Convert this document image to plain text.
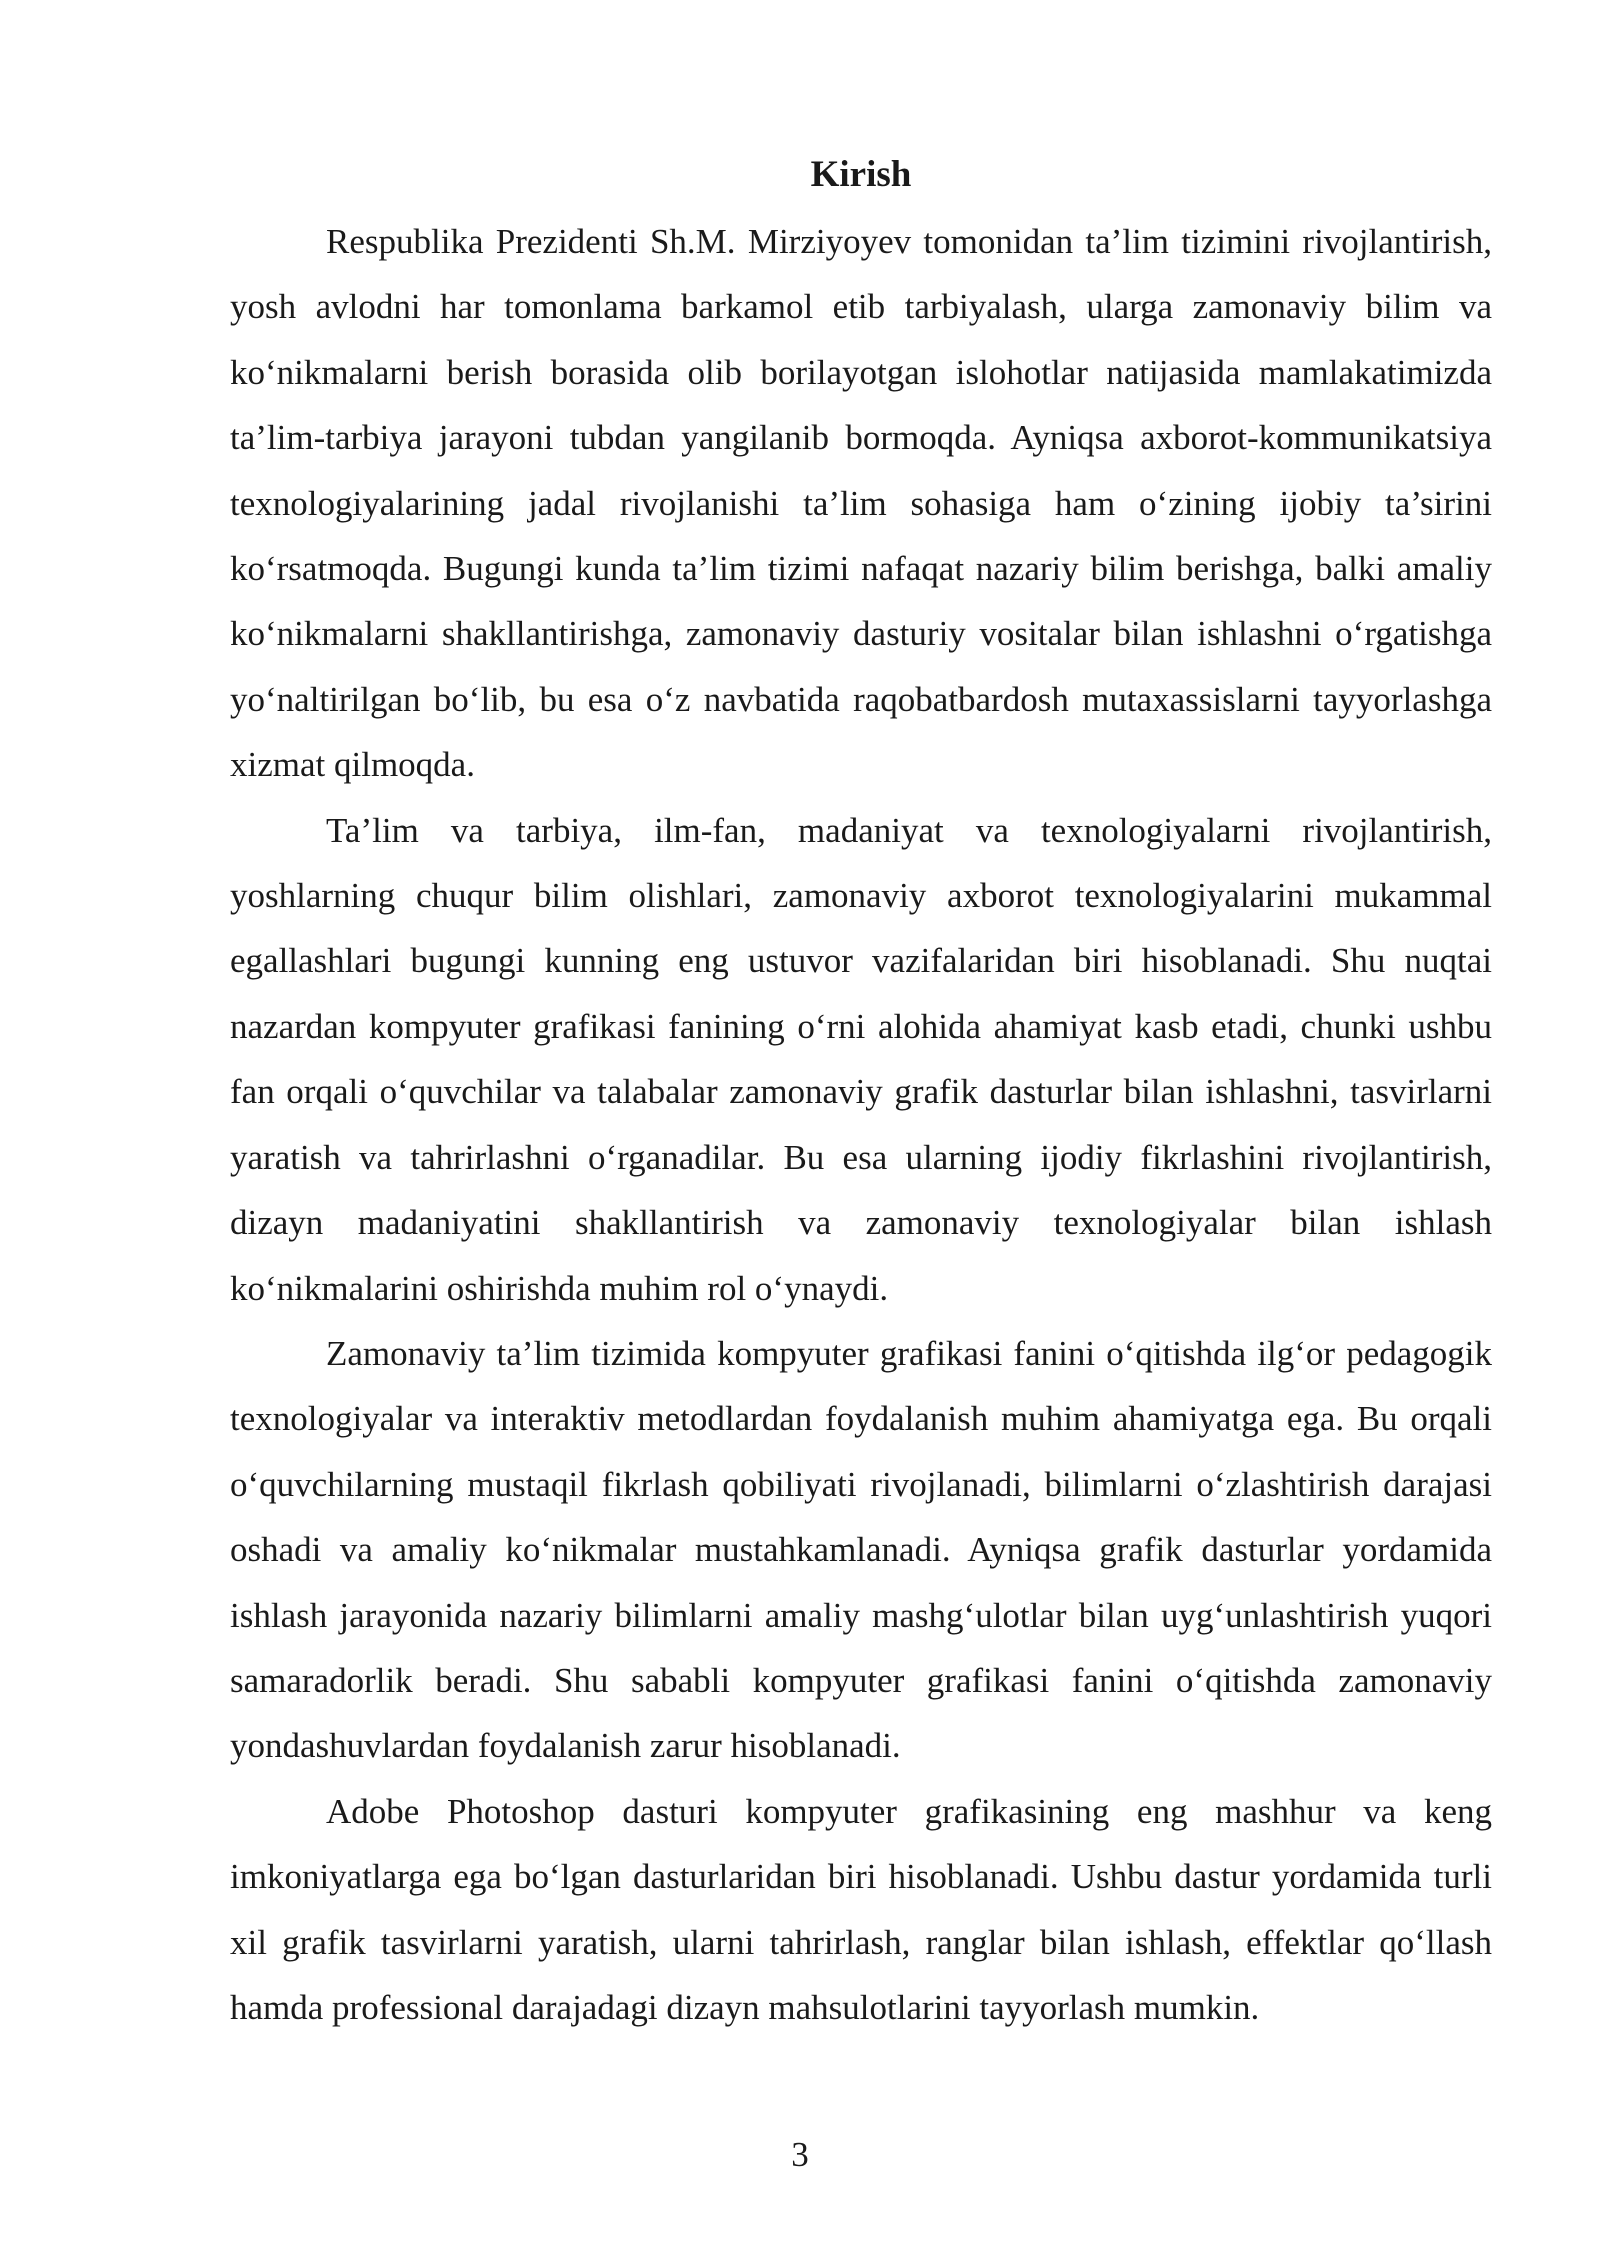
Kirish

Respublika Prezidenti Sh.M. Mirziyoyev tomonidan ta’lim tizimini rivojlantirish, yosh avlodni har tomonlama barkamol etib tarbiyalash, ularga zamonaviy bilim va ko‘nikmalarni berish borasida olib borilayotgan islohotlar natijasida mamlakatimizda ta’lim-tarbiya jarayoni tubdan yangilanib bormoqda. Ayniqsa axborot-kommunikatsiya texnologiyalarining jadal rivojlanishi ta’lim sohasiga ham o‘zining ijobiy ta’sirini ko‘rsatmoqda. Bugungi kunda ta’lim tizimi nafaqat nazariy bilim berishga, balki amaliy ko‘nikmalarni shakllantirishga, zamonaviy dasturiy vositalar bilan ishlashni o‘rgatishga yo‘naltirilgan bo‘lib, bu esa o‘z navbatida raqobatbardosh mutaxassislarni tayyorlashga xizmat qilmoqda.

Ta’lim va tarbiya, ilm-fan, madaniyat va texnologiyalarni rivojlantirish, yoshlarning chuqur bilim olishlari, zamonaviy axborot texnologiyalarini mukammal egallashlari bugungi kunning eng ustuvor vazifalaridan biri hisoblanadi. Shu nuqtai nazardan kompyuter grafikasi fanining o‘rni alohida ahamiyat kasb etadi, chunki ushbu fan orqali o‘quvchilar va talabalar zamonaviy grafik dasturlar bilan ishlashni, tasvirlarni yaratish va tahrirlashni o‘rganadilar. Bu esa ularning ijodiy fikrlashini rivojlantirish, dizayn madaniyatini shakllantirish va zamonaviy texnologiyalar bilan ishlash ko‘nikmalarini oshirishda muhim rol o‘ynaydi.

Zamonaviy ta’lim tizimida kompyuter grafikasi fanini o‘qitishda ilg‘or pedagogik texnologiyalar va interaktiv metodlardan foydalanish muhim ahamiyatga ega. Bu orqali o‘quvchilarning mustaqil fikrlash qobiliyati rivojlanadi, bilimlarni o‘zlashtirish darajasi oshadi va amaliy ko‘nikmalar mustahkamlanadi. Ayniqsa grafik dasturlar yordamida ishlash jarayonida nazariy bilimlarni amaliy mashg‘ulotlar bilan uyg‘unlashtirish yuqori samaradorlik beradi. Shu sababli kompyuter grafikasi fanini o‘qitishda zamonaviy yondashuvlardan foydalanish zarur hisoblanadi.

Adobe Photoshop dasturi kompyuter grafikasining eng mashhur va keng imkoniyatlarga ega bo‘lgan dasturlaridan biri hisoblanadi. Ushbu dastur yordamida turli xil grafik tasvirlarni yaratish, ularni tahrirlash, ranglar bilan ishlash, effektlar qo‘llash hamda professional darajadagi dizayn mahsulotlarini tayyorlash mumkin.

3
